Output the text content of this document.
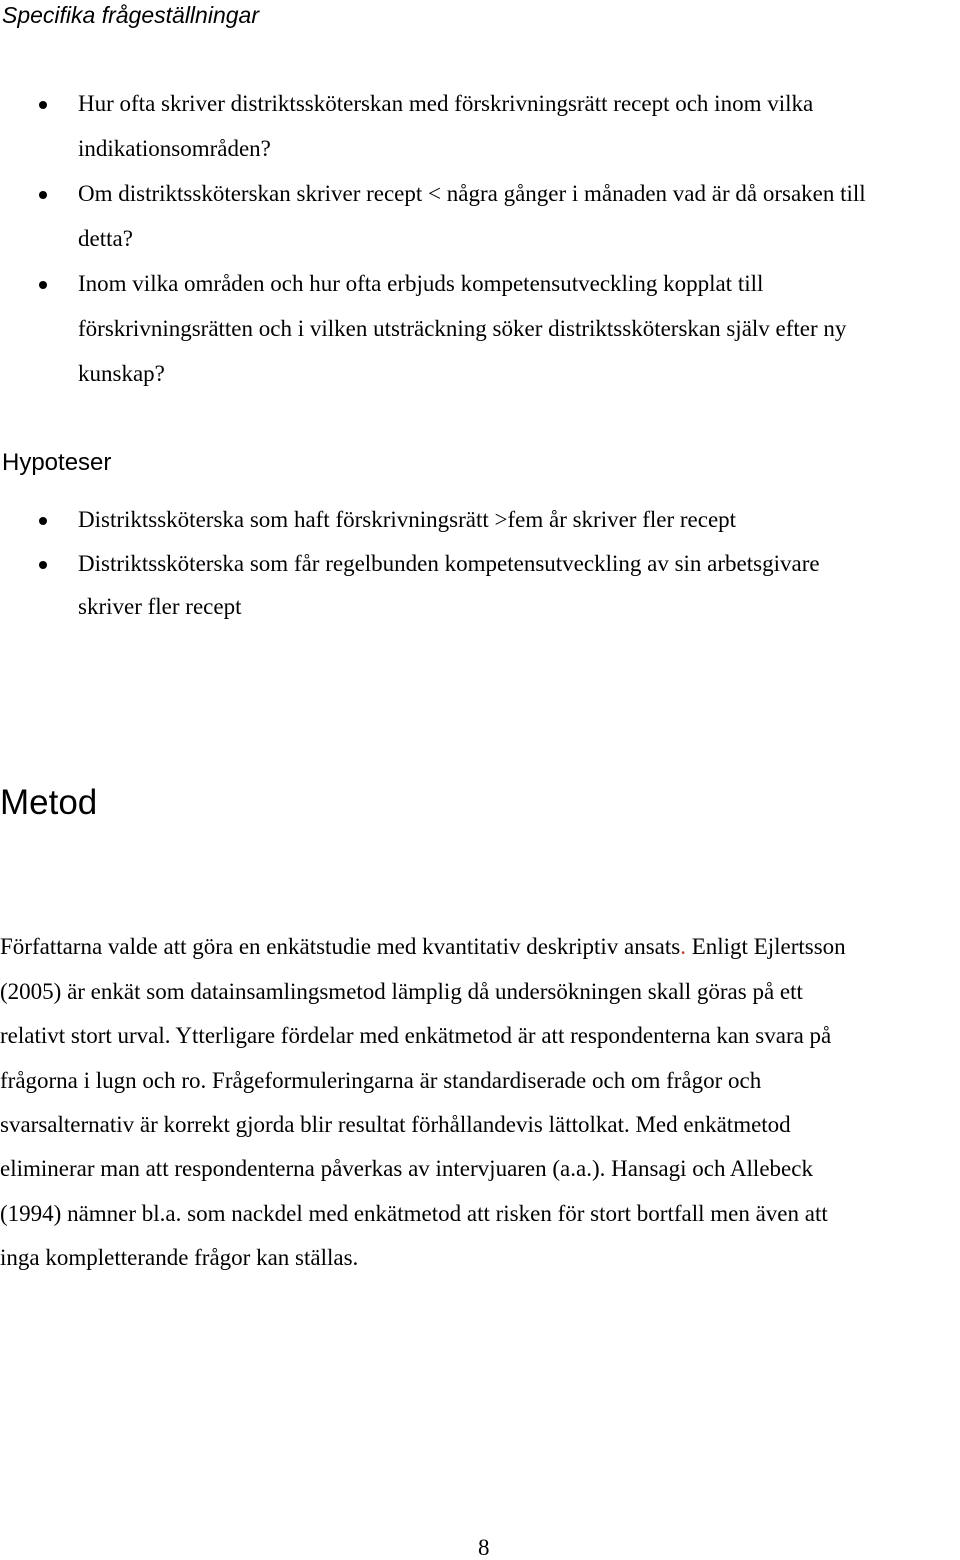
Specifika frågeställningar
Hur ofta skriver distriktssköterskan med förskrivningsrätt recept och inom vilka
indikationsområden?
Om distriktssköterskan skriver recept < några gånger i månaden vad är då orsaken till
detta?
Inom vilka områden och hur ofta erbjuds kompetensutveckling kopplat till
förskrivningsrätten och i vilken utsträckning söker distriktssköterskan själv efter ny
kunskap?
Hypoteser
Distriktssköterska som haft förskrivningsrätt >fem år skriver fler recept
Distriktssköterska som får regelbunden kompetensutveckling av sin arbetsgivare
skriver fler recept
Metod
Författarna valde att göra en enkätstudie med kvantitativ deskriptiv ansats. Enligt Ejlertsson
(2005) är enkät som datainsamlingsmetod lämplig då undersökningen skall göras på ett
relativt stort urval. Ytterligare fördelar med enkätmetod är att respondenterna kan svara på
frågorna i lugn och ro. Frågeformuleringarna är standardiserade och om frågor och
svarsalternativ är korrekt gjorda blir resultat förhållandevis lättolkat. Med enkätmetod
eliminerar man att respondenterna påverkas av intervjuaren (a.a.). Hansagi och Allebeck
(1994) nämner bl.a. som nackdel med enkätmetod att risken för stort bortfall men även att
inga kompletterande frågor kan ställas.
8
